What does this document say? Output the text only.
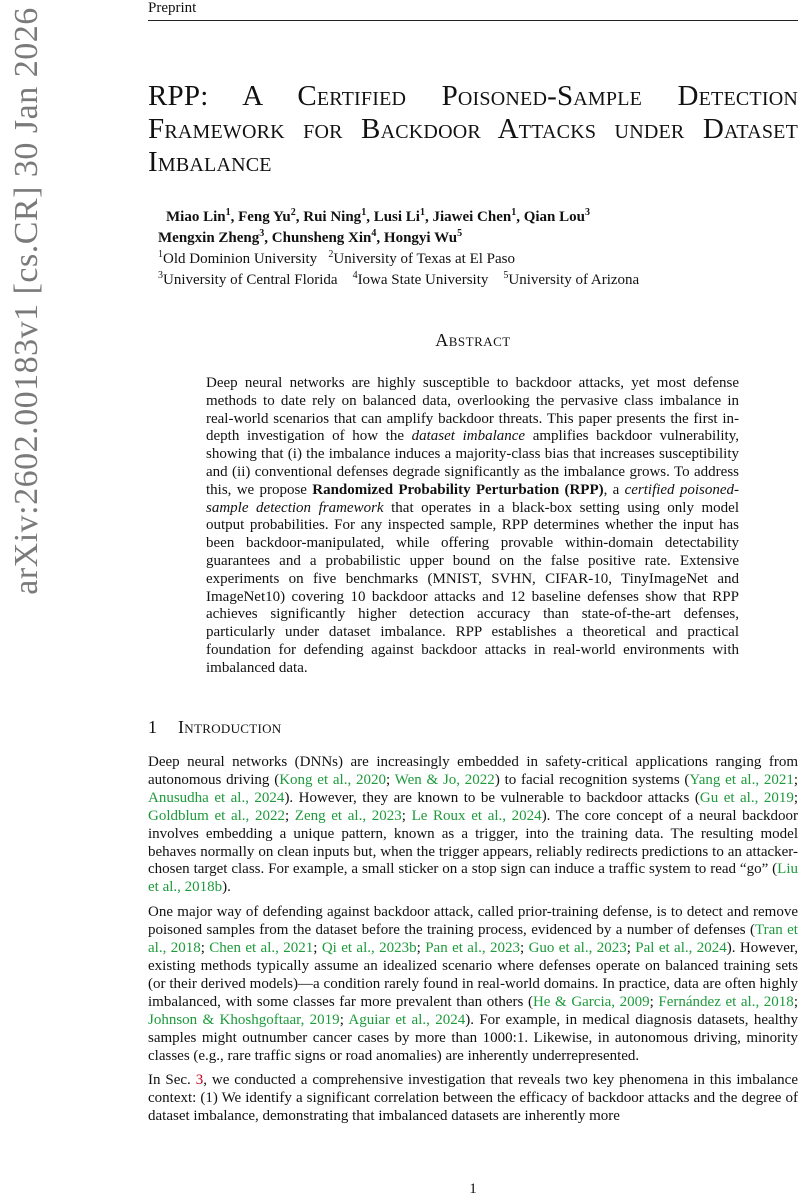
Preprint
arXiv:2602.00183v1 [cs.CR] 30 Jan 2026	RPP: A Certified Poisoned-Sample Detection Framework for Backdoor Attacks under Dataset Imbalance
Miao Lin$^1$, Feng Yu$^2$, Rui Ning$^1$, Lusi Li$^1$, Jiawei Chen$^1$, Qian Lou$^3$
Mengxin Zheng$^3$, Chunsheng Xin$^4$, Hongyi Wu$^5$
$^1$Old Dominion University $^2$University of Texas at El Paso
$^3$University of Central Florida $^4$Iowa State University $^5$University of Arizona
Abstract

Deep neural networks are highly susceptible to backdoor attacks, yet most defense methods to date rely on balanced data, overlooking the pervasive class imbalance in real-world scenarios that can amplify backdoor threats. This paper presents the first in-depth investigation of how the dataset imbalance amplifies backdoor vulnerability, showing that (i) the imbalance induces a majority-class bias that increases susceptibility and (ii) conventional defenses degrade significantly as the imbalance grows. To address this, we propose Randomized Probability Perturbation (RPP), a certified poisoned-sample detection framework that operates in a black-box setting using only model output probabilities. For any inspected sample, RPP determines whether the input has been backdoor-manipulated, while offering provable within-domain detectability guarantees and a probabilistic upper bound on the false positive rate. Extensive experiments on five benchmarks (MNIST, SVHN, CIFAR-10, TinyImageNet and ImageNet10) covering 10 backdoor attacks and 12 baseline defenses show that RPP achieves significantly higher detection accuracy than state-of-the-art defenses, particularly under dataset imbalance. RPP establishes a theoretical and practical foundation for defending against backdoor attacks in real-world environments with imbalanced data.

1 Introduction

Deep neural networks (DNNs) are increasingly embedded in safety-critical applications ranging from autonomous driving (Kong et al., 2020; Wen & Jo, 2022) to facial recognition systems (Yang et al., 2021; Anusudha et al., 2024). However, they are known to be vulnerable to backdoor attacks (Gu et al., 2019; Goldblum et al., 2022; Zeng et al., 2023; Le Roux et al., 2024). The core concept of a neural backdoor involves embedding a unique pattern, known as a trigger, into the training data. The resulting model behaves normally on clean inputs but, when the trigger appears, reliably redirects predictions to an attacker-chosen target class. For example, a small sticker on a stop sign can induce a traffic system to read “go” (Liu et al., 2018b).

One major way of defending against backdoor attack, called prior-training defense, is to detect and remove poisoned samples from the dataset before the training process, evidenced by a number of defenses (Tran et al., 2018; Chen et al., 2021; Qi et al., 2023b; Pan et al., 2023; Guo et al., 2023; Pal et al., 2024). However, existing methods typically assume an idealized scenario where defenses operate on balanced training sets (or their derived models)—a condition rarely found in real-world domains. In practice, data are often highly imbalanced, with some classes far more prevalent than others (He & Garcia, 2009; Fernández et al., 2018; Johnson & Khoshgoftaar, 2019; Aguiar et al., 2024). For example, in medical diagnosis datasets, healthy samples might outnumber cancer cases by more than 1000:1. Likewise, in autonomous driving, minority classes (e.g., rare traffic signs or road anomalies) are inherently underrepresented.

In Sec. 3, we conducted a comprehensive investigation that reveals two key phenomena in this imbalance context: (1) We identify a significant correlation between the efficacy of backdoor attacks and the degree of dataset imbalance, demonstrating that imbalanced datasets are inherently more

1
